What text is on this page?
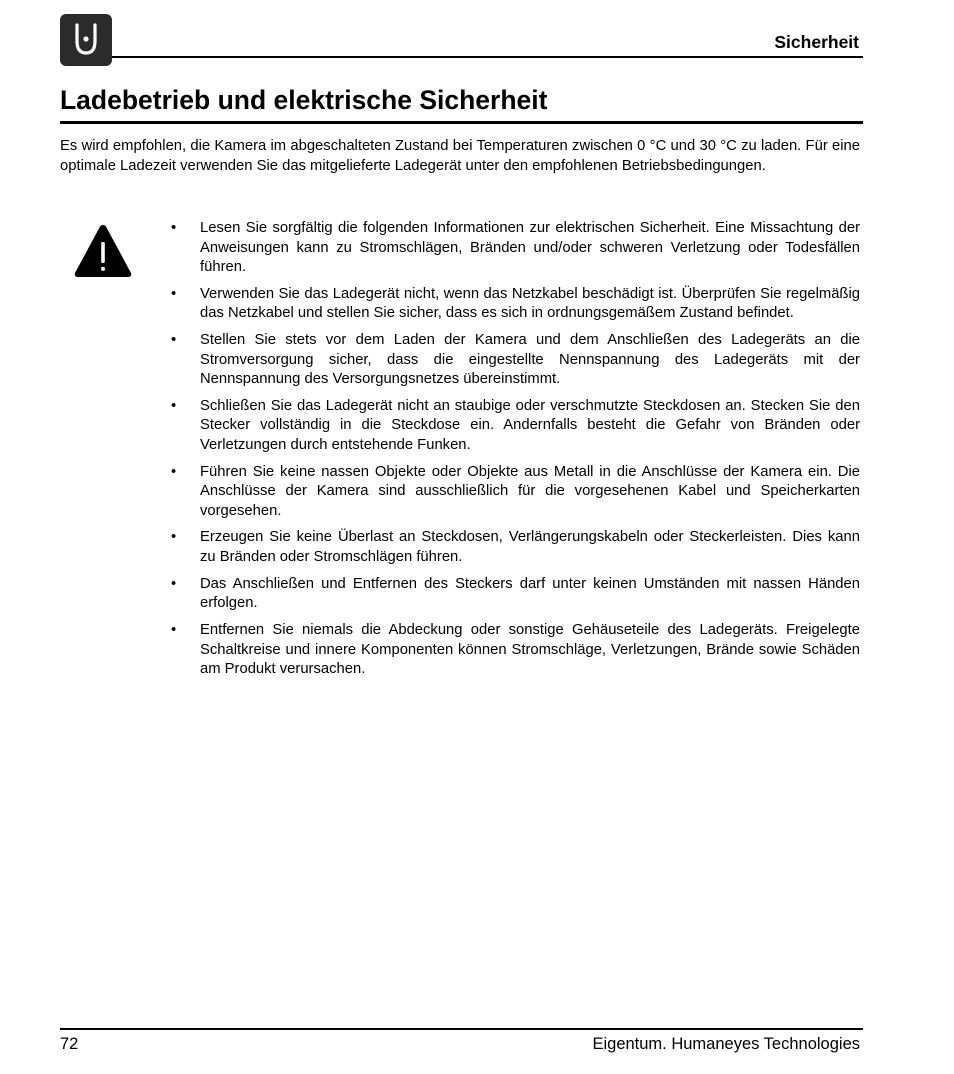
Sicherheit
Ladebetrieb und elektrische Sicherheit

Es wird empfohlen, die Kamera im abgeschalteten Zustand bei Temperaturen zwischen 0 °C und 30 °C zu laden. Für eine optimale Ladezeit verwenden Sie das mitgelieferte Ladegerät unter den empfohlenen Betriebsbedingungen.

•	Lesen Sie sorgfältig die folgenden Informationen zur elektrischen Sicherheit. Eine Missachtung der Anweisungen kann zu Stromschlägen, Bränden und/oder schweren Verletzung oder Todesfällen führen.
•	Verwenden Sie das Ladegerät nicht, wenn das Netzkabel beschädigt ist. Überprüfen Sie regelmäßig das Netzkabel und stellen Sie sicher, dass es sich in ordnungsgemäßem Zustand befindet.
•	Stellen Sie stets vor dem Laden der Kamera und dem Anschließen des Ladegeräts an die Stromversorgung sicher, dass die eingestellte Nennspannung des Ladegeräts mit der Nennspannung des Versorgungsnetzes übereinstimmt.
•	Schließen Sie das Ladegerät nicht an staubige oder verschmutzte Steckdosen an. Stecken Sie den Stecker vollständig in die Steckdose ein. Andernfalls besteht die Gefahr von Bränden oder Verletzungen durch entstehende Funken.
•	Führen Sie keine nassen Objekte oder Objekte aus Metall in die Anschlüsse der Kamera ein. Die Anschlüsse der Kamera sind ausschließlich für die vorgesehenen Kabel und Speicherkarten vorgesehen.
•	Erzeugen Sie keine Überlast an Steckdosen, Verlängerungskabeln oder Steckerleisten. Dies kann zu Bränden oder Stromschlägen führen.
•	Das Anschließen und Entfernen des Steckers darf unter keinen Umständen mit nassen Händen erfolgen.
•	Entfernen Sie niemals die Abdeckung oder sonstige Gehäuseteile des Ladegeräts. Freigelegte Schaltkreise und innere Komponenten können Stromschläge, Verletzungen, Brände sowie Schäden am Produkt verursachen.
72	Eigentum. Humaneyes Technologies
